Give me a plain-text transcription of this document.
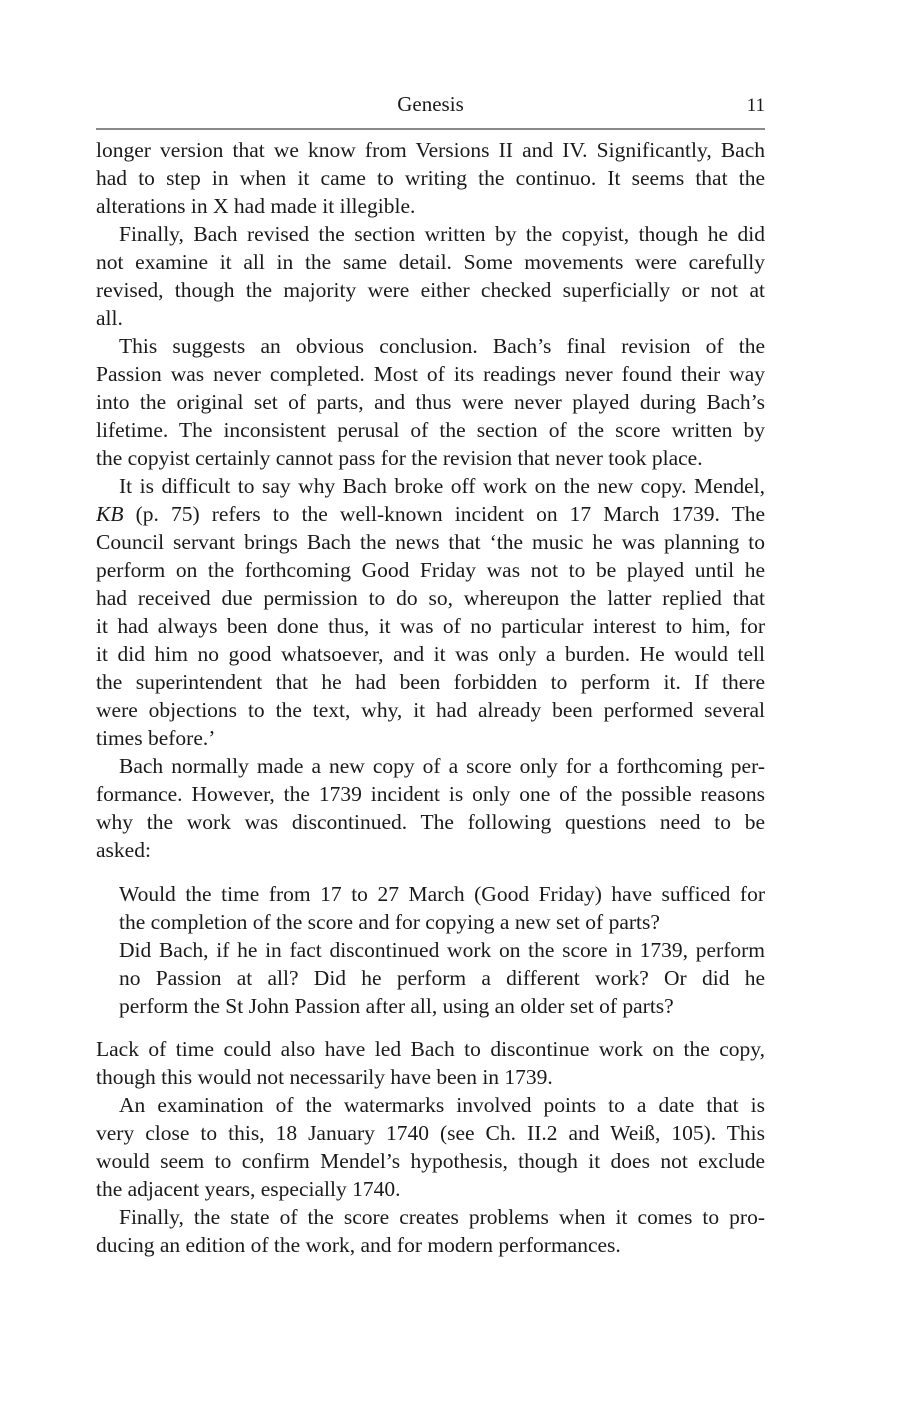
Genesis	11
longer version that we know from Versions II and IV. Significantly, Bach
had to step in when it came to writing the continuo. It seems that the
alterations in X had made it illegible.
Finally, Bach revised the section written by the copyist, though he did
not examine it all in the same detail. Some movements were carefully
revised, though the majority were either checked superficially or not at
all.
This suggests an obvious conclusion. Bach’s final revision of the
Passion was never completed. Most of its readings never found their way
into the original set of parts, and thus were never played during Bach’s
lifetime. The inconsistent perusal of the section of the score written by
the copyist certainly cannot pass for the revision that never took place.
It is difficult to say why Bach broke off work on the new copy. Mendel,
KB (p. 75) refers to the well-known incident on 17 March 1739. The
Council servant brings Bach the news that ‘the music he was planning to
perform on the forthcoming Good Friday was not to be played until he
had received due permission to do so, whereupon the latter replied that
it had always been done thus, it was of no particular interest to him, for
it did him no good whatsoever, and it was only a burden. He would tell
the superintendent that he had been forbidden to perform it. If there
were objections to the text, why, it had already been performed several
times before.’
Bach normally made a new copy of a score only for a forthcoming per-
formance. However, the 1739 incident is only one of the possible reasons
why the work was discontinued. The following questions need to be
asked:
Would the time from 17 to 27 March (Good Friday) have sufficed for
the completion of the score and for copying a new set of parts?
Did Bach, if he in fact discontinued work on the score in 1739, perform
no Passion at all? Did he perform a different work? Or did he
perform the St John Passion after all, using an older set of parts?
Lack of time could also have led Bach to discontinue work on the copy,
though this would not necessarily have been in 1739.
An examination of the watermarks involved points to a date that is
very close to this, 18 January 1740 (see Ch. II.2 and Weiß, 105). This
would seem to confirm Mendel’s hypothesis, though it does not exclude
the adjacent years, especially 1740.
Finally, the state of the score creates problems when it comes to pro-
ducing an edition of the work, and for modern performances.
